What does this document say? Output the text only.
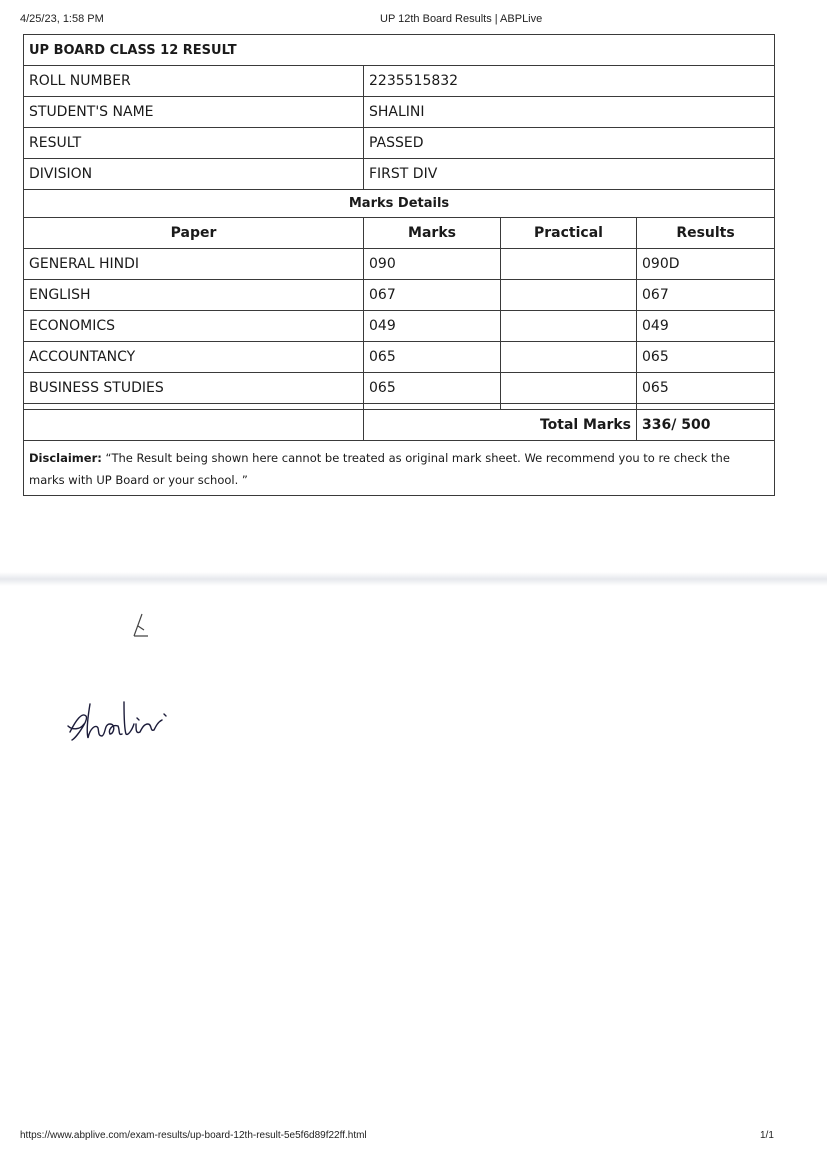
4/25/23, 1:58 PM	UP 12th Board Results | ABPLive
UP BOARD CLASS 12 RESULT			
ROLL NUMBER	2235515832		
STUDENT'S NAME	SHALINI		
RESULT	PASSED		
DIVISION	FIRST DIV		
Marks Details			
Paper	Marks	Practical	Results
GENERAL HINDI	090		090D
ENGLISH	067		067
ECONOMICS	049		049
ACCOUNTANCY	065		065
BUSINESS STUDIES	065		065

	Total Marks		336/ 500
Disclaimer: “The Result being shown here cannot be treated as original mark sheet. We recommend you to re check the marks with UP Board or your school. ”			
https://www.abplive.com/exam-results/up-board-12th-result-5e5f6d89f22ff.html	1/1
